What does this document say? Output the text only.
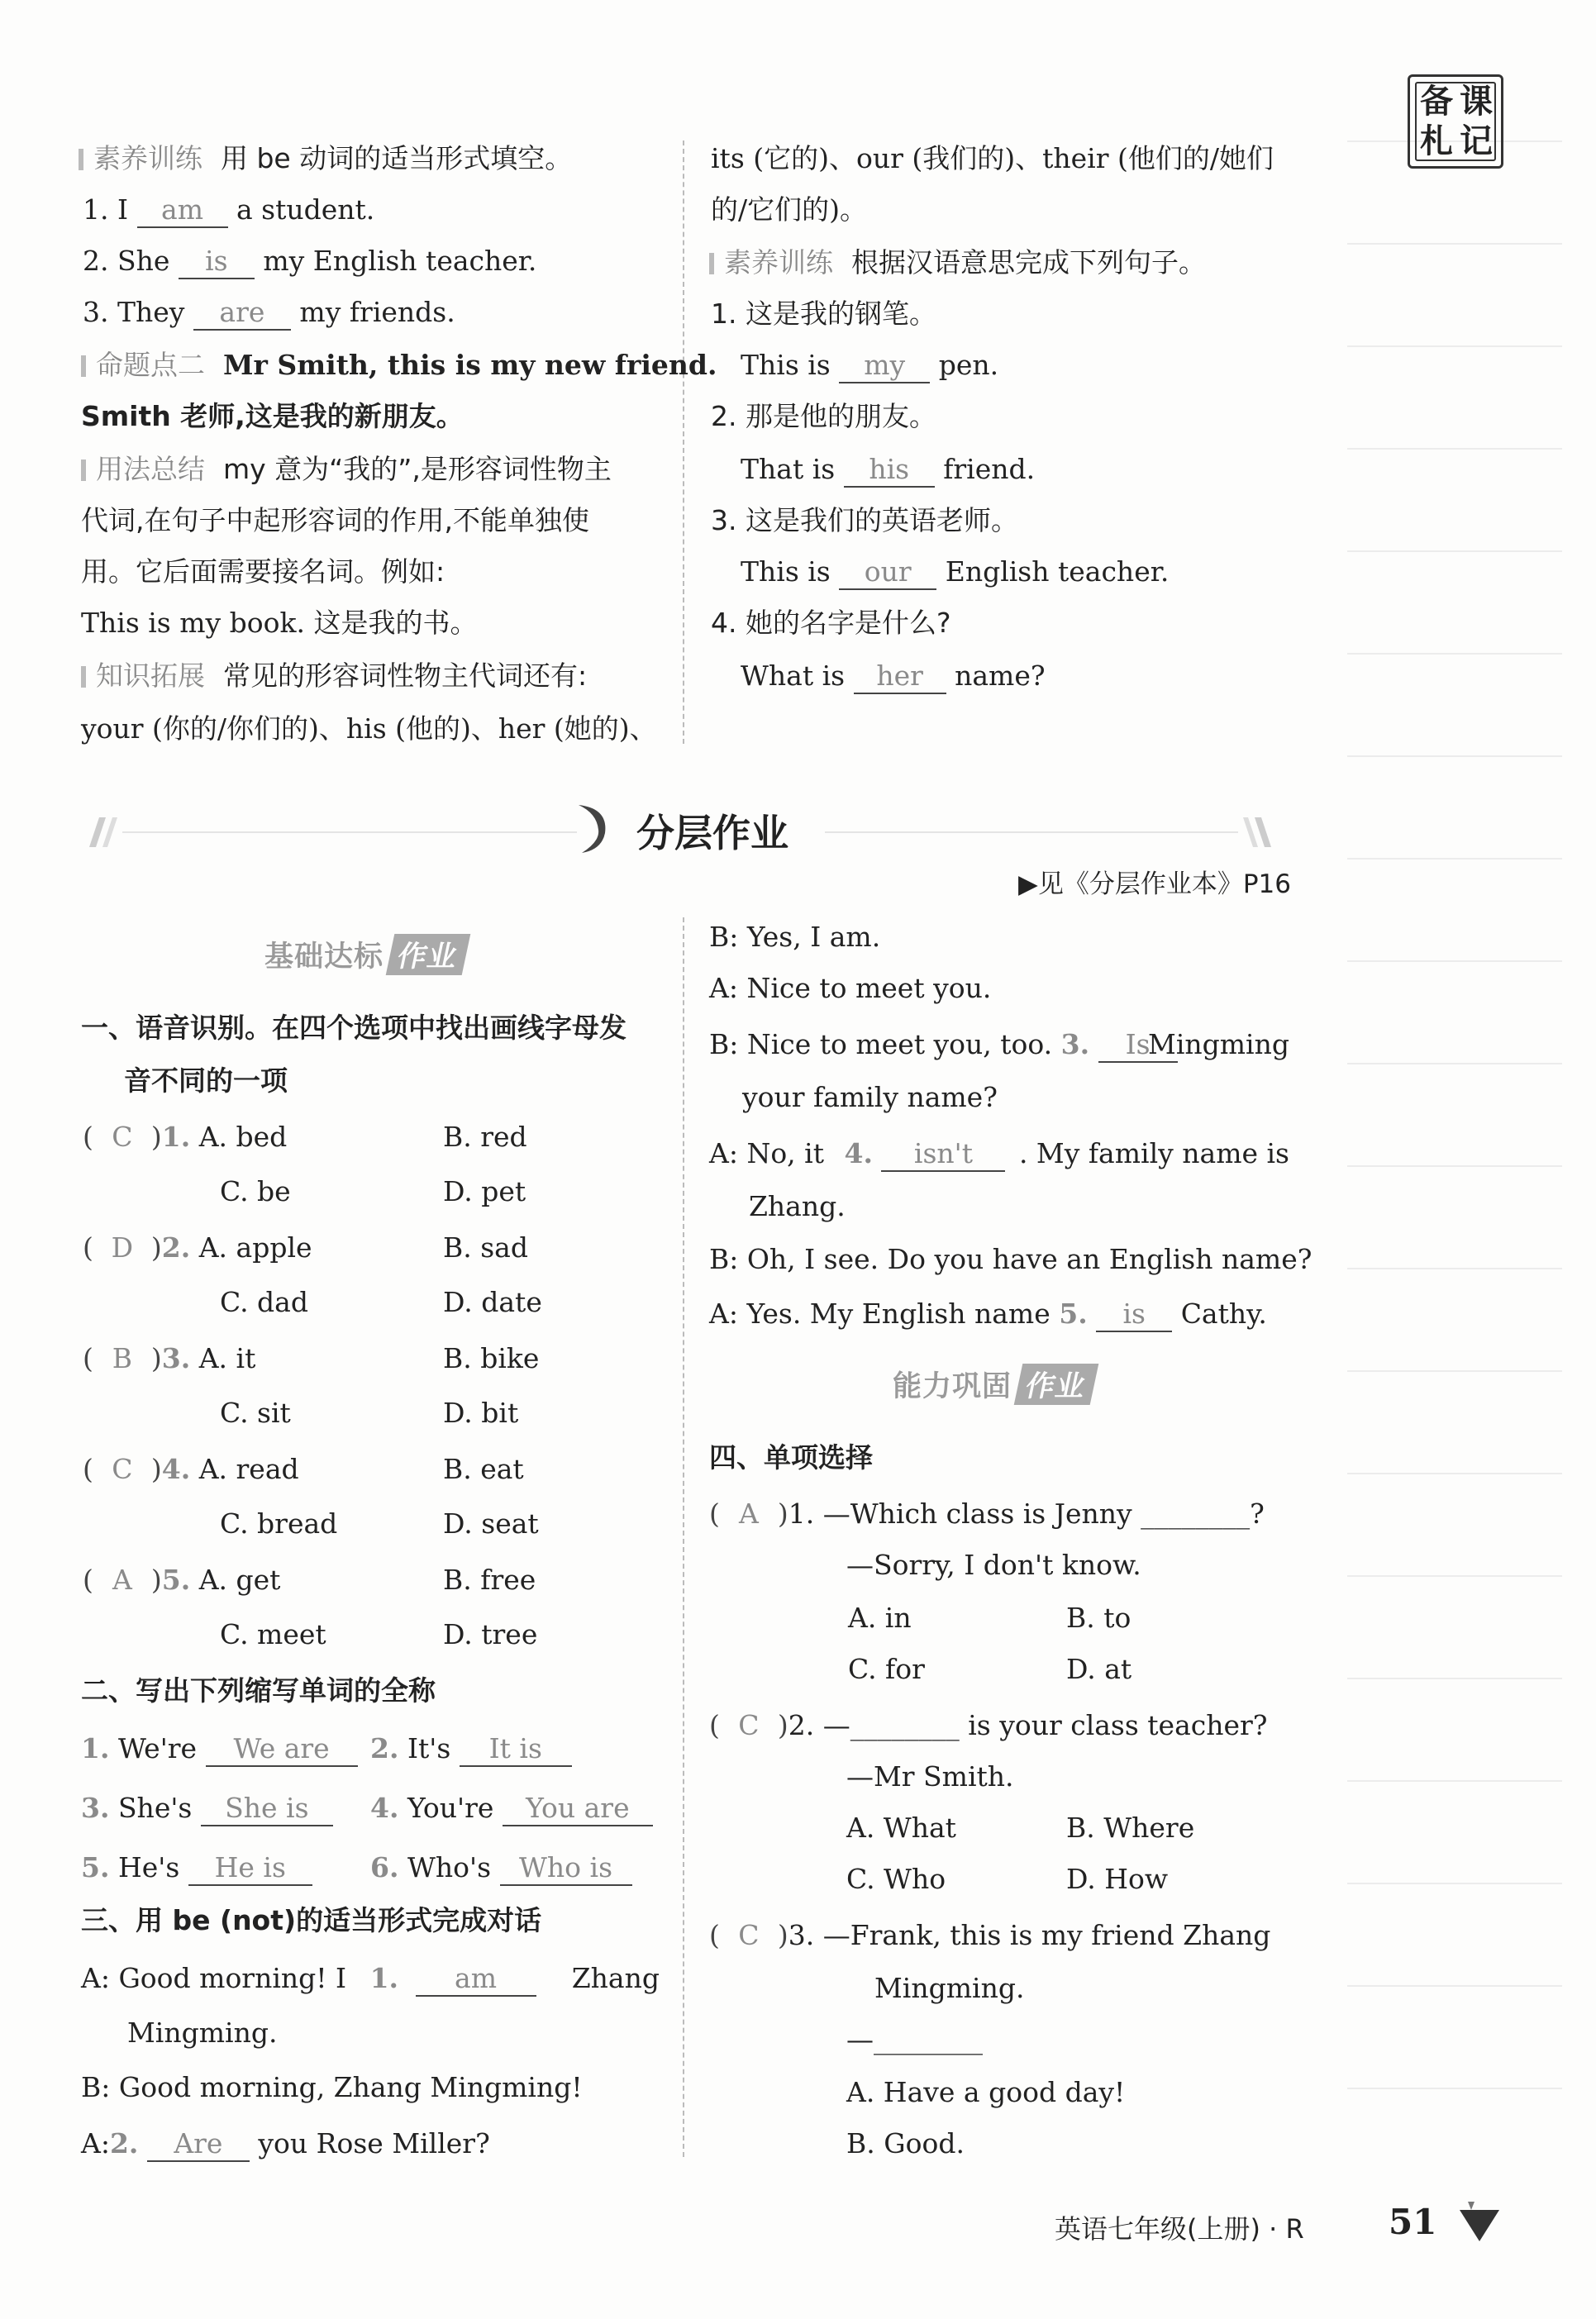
备 课
札 记
素养训练 用 be 动词的适当形式填空。
1. I am a student.
2. She is my English teacher.
3. They are my friends.
命题点二 Mr Smith, this is my new friend.
Smith 老师,这是我的新朋友。
用法总结 my 意为“我的”,是形容词性物主
代词,在句子中起形容词的作用,不能单独使
用。它后面需要接名词。例如:
This is my book. 这是我的书。
知识拓展 常见的形容词性物主代词还有:
your (你的/你们的)、his (他的)、her (她的)、
its (它的)、our (我们的)、their (他们的/她们
的/它们的)。
素养训练 根据汉语意思完成下列句子。
1. 这是我的钢笔。
This is my pen.
2. 那是他的朋友。
That is his friend.
3. 这是我们的英语老师。
This is our English teacher.
4. 她的名字是什么?
What is her name?
分层作业
▶见《分层作业本》P16
基础达标 作业
一、语音识别。在四个选项中找出画线字母发
音不同的一项
( C )1. A. bed	B. red
C. be	D. pet
( D )2. A. apple	B. sad
C. dad	D. date
( B )3. A. it	B. bike
C. sit	D. bit
( C )4. A. read	B. eat
C. bread	D. seat
( A )5. A. get	B. free
C. meet	D. tree
二、写出下列缩写单词的全称
1. We're We are	2. It's It is
3. She's She is	4. You're You are
5. He's He is	6. Who's Who is
三、用 be (not)的适当形式完成对话
A: Good morning! I 1. am	Zhang
Mingming.
B: Good morning, Zhang Mingming!
A:2. Are you Rose Miller?
B: Yes, I am.
A: Nice to meet you.
B: Nice to meet you, too. 3. Is
Mingming
your family name?
A: No, it 4. isn't . My family name is
Zhang.
B: Oh, I see. Do you have an English name?
A: Yes. My English name 5. is Cathy.
能力巩固 作业
四、单项选择
( A )1. —Which class is Jenny ________?
—Sorry, I don't know.
A. in	B. to
C. for	D. at
( C )2. —________ is your class teacher?
—Mr Smith.
A. What	B. Where
C. Who	D. How
( C )3. —Frank, this is my friend Zhang
Mingming.
—________
A. Have a good day!
B. Good.
英语七年级(上册) · R 51
